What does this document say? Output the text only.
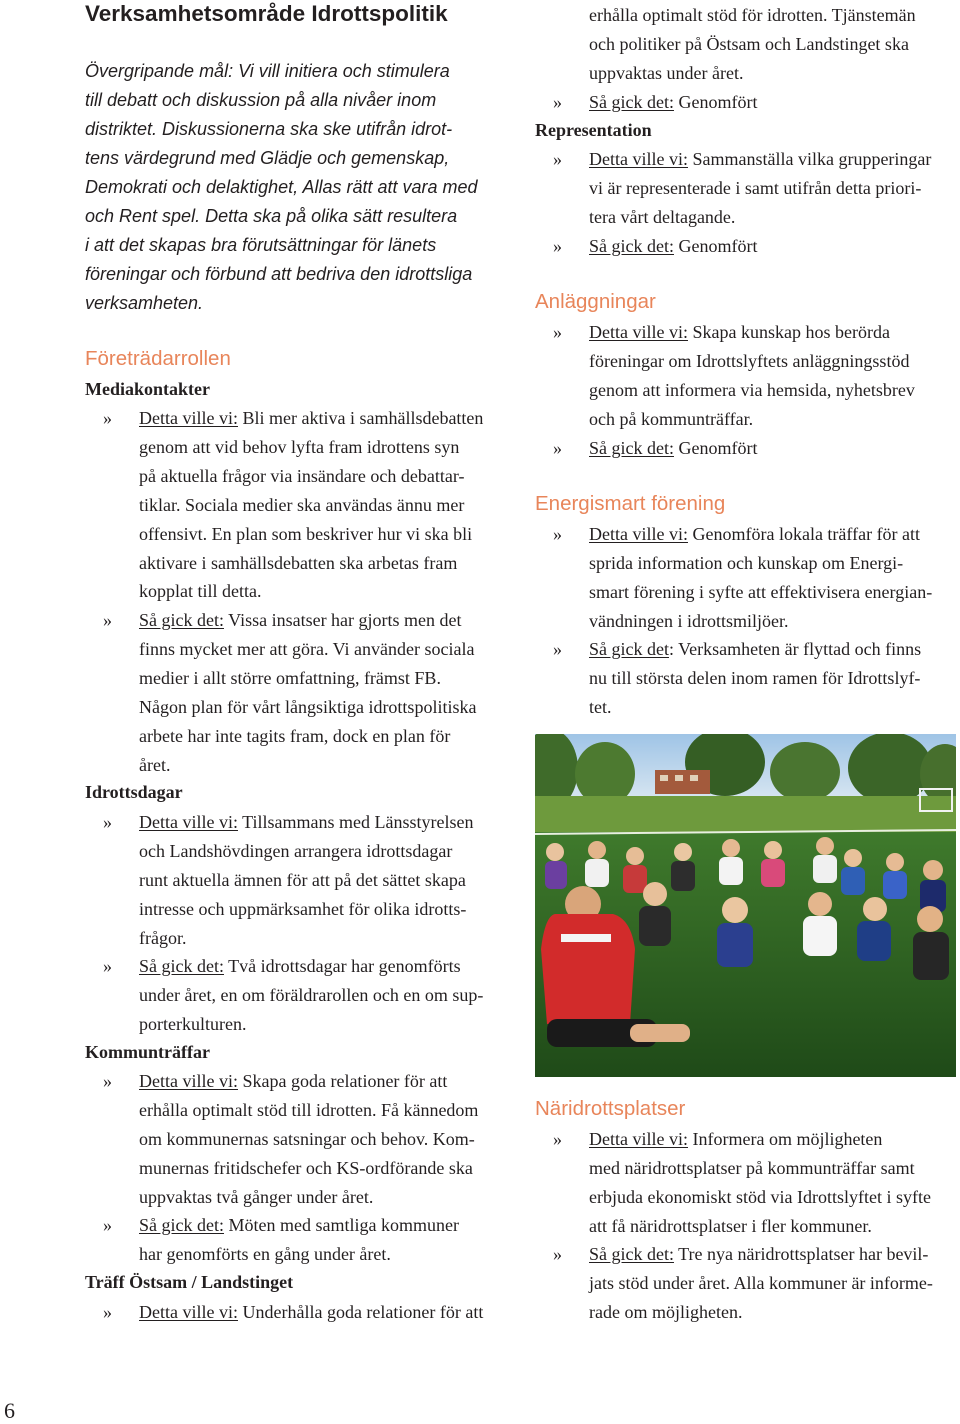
Verksamhetsområde Idrottspolitik

Övergripande mål: Vi vill initiera och stimulera
till debatt och diskussion på alla nivåer inom
distriktet. Diskussionerna ska ske utifrån idrot-
tens värdegrund med Glädje och gemenskap,
Demokrati och delaktighet, Allas rätt att vara med
och Rent spel. Detta ska på olika sätt resultera
i att det skapas bra förutsättningar för länets
föreningar och förbund att bedriva den idrottsliga
verksamheten.

Företrädarrollen
Mediakontakter
» Detta ville vi: Bli mer aktiva i samhällsdebatten
genom att vid behov lyfta fram idrottens syn
på aktuella frågor via insändare och debattar-
tiklar. Sociala medier ska användas ännu mer
offensivt. En plan som beskriver hur vi ska bli
aktivare i samhällsdebatten ska arbetas fram
kopplat till detta.
» Så gick det: Vissa insatser har gjorts men det
finns mycket mer att göra. Vi använder sociala
medier i allt större omfattning, främst FB.
Någon plan för vårt långsiktiga idrottspolitiska
arbete har inte tagits fram, dock en plan för
året.
Idrottsdagar
» Detta ville vi: Tillsammans med Länsstyrelsen
och Landshövdingen arrangera idrottsdagar
runt aktuella ämnen för att på det sättet skapa
intresse och uppmärksamhet för olika idrotts-
frågor.
» Så gick det: Två idrottsdagar har genomförts
under året, en om föräldrarollen och en om sup-
porterkulturen.
Kommunträffar
» Detta ville vi: Skapa goda relationer för att
erhålla optimalt stöd till idrotten. Få kännedom
om kommunernas satsningar och behov. Kom-
munernas fritidschefer och KS-ordförande ska
uppvaktas två gånger under året.
» Så gick det: Möten med samtliga kommuner
har genomförts en gång under året.
Träff Östsam / Landstinget
» Detta ville vi: Underhålla goda relationer för att
erhålla optimalt stöd för idrotten. Tjänstemän
och politiker på Östsam och Landstinget ska
uppvaktas under året.
» Så gick det: Genomfört
Representation
» Detta ville vi: Sammanställa vilka grupperingar
vi är representerade i samt utifrån detta priori-
tera vårt deltagande.
» Så gick det: Genomfört
Anläggningar
» Detta ville vi: Skapa kunskap hos berörda
föreningar om Idrottslyftets anläggningsstöd
genom att informera via hemsida, nyhetsbrev
och på kommunträffar.
» Så gick det: Genomfört
Energismart förening
» Detta ville vi: Genomföra lokala träffar för att
sprida information och kunskap om Energi-
smart förening i syfte att effektivisera energian-
vändningen i idrottsmiljöer.
» Så gick det: Verksamheten är flyttad och finns
nu till största delen inom ramen för Idrottslyf-
tet.
Näridrottsplatser
» Detta ville vi: Informera om möjligheten
med näridrottsplatser på kommunträffar samt
erbjuda ekonomiskt stöd via Idrottslyftet i syfte
att få näridrottsplatser i fler kommuner.
» Så gick det: Tre nya näridrottsplatser har bevil-
jats stöd under året. Alla kommuner är informe-
rade om möjligheten.
6
